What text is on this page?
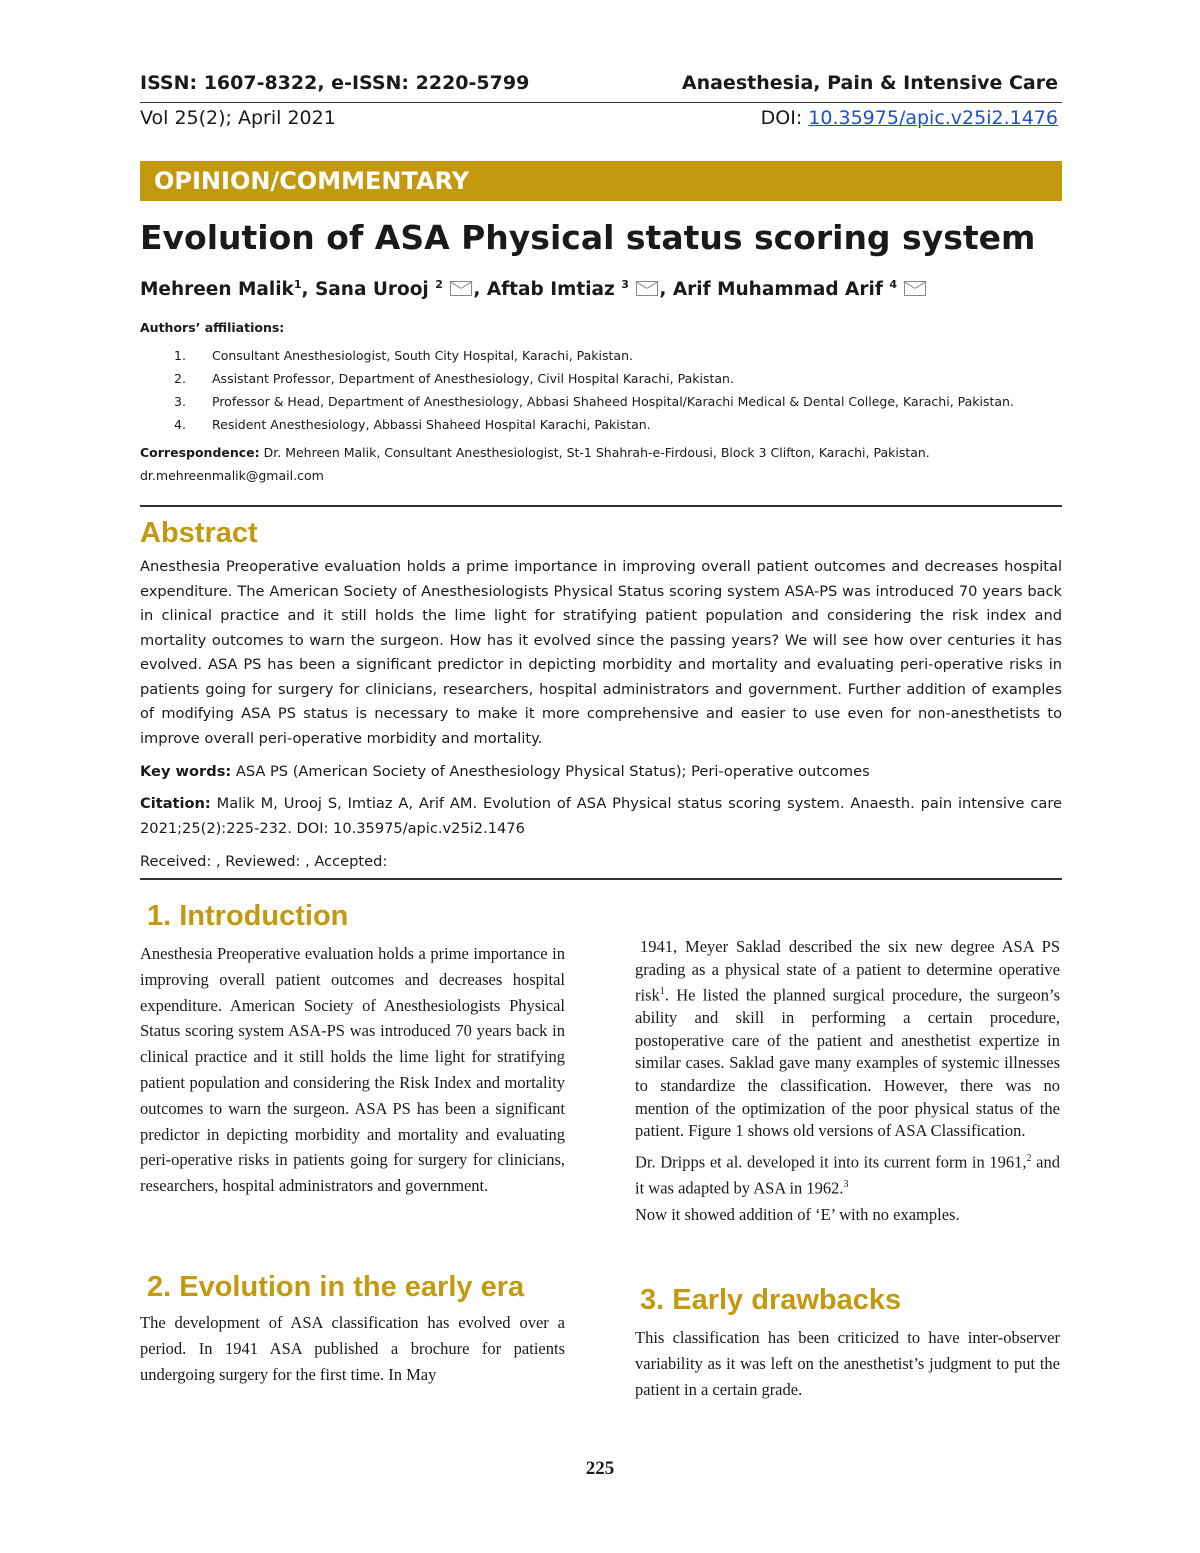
ISSN: 1607-8322, e-ISSN: 2220-5799	Anaesthesia, Pain & Intensive Care
Vol 25(2); April 2021	DOI: 10.35975/apic.v25i2.1476
OPINION/COMMENTARY
Evolution of ASA Physical status scoring system
Mehreen Malik$^1$, Sana Urooj $^2$ , Aftab Imtiaz $^3$ , Arif Muhammad Arif $^4$
Authors’ affiliations:
1. Consultant Anesthesiologist, South City Hospital, Karachi, Pakistan.
2. Assistant Professor, Department of Anesthesiology, Civil Hospital Karachi, Pakistan.
3. Professor & Head, Department of Anesthesiology, Abbasi Shaheed Hospital/Karachi Medical & Dental College, Karachi, Pakistan.
4. Resident Anesthesiology, Abbassi Shaheed Hospital Karachi, Pakistan.
Correspondence: Dr. Mehreen Malik, Consultant Anesthesiologist, St-1 Shahrah-e-Firdousi, Block 3 Clifton, Karachi, Pakistan.
dr.mehreenmalik@gmail.com
Abstract
Anesthesia Preoperative evaluation holds a prime importance in improving overall patient outcomes and decreases hospital expenditure. The American Society of Anesthesiologists Physical Status scoring system ASA-PS was introduced 70 years back in clinical practice and it still holds the lime light for stratifying patient population and considering the risk index and mortality outcomes to warn the surgeon. How has it evolved since the passing years? We will see how over centuries it has evolved. ASA PS has been a significant predictor in depicting morbidity and mortality and evaluating peri-operative risks in patients going for surgery for clinicians, researchers, hospital administrators and government. Further addition of examples of modifying ASA PS status is necessary to make it more comprehensive and easier to use even for non-anesthetists to improve overall peri-operative morbidity and mortality.
Key words: ASA PS (American Society of Anesthesiology Physical Status); Peri-operative outcomes
Citation: Malik M, Urooj S, Imtiaz A, Arif AM. Evolution of ASA Physical status scoring system. Anaesth. pain intensive care 2021;25(2):225-232. DOI: 10.35975/apic.v25i2.1476
Received: , Reviewed: , Accepted:
1. Introduction

Anesthesia Preoperative evaluation holds a prime importance in improving overall patient outcomes and decreases hospital expenditure. American Society of Anesthesiologists Physical Status scoring system ASA-PS was introduced 70 years back in clinical practice and it still holds the lime light for stratifying patient population and considering the Risk Index and mortality outcomes to warn the surgeon. ASA PS has been a significant predictor in depicting morbidity and mortality and evaluating peri-operative risks in patients going for surgery for clinicians, researchers, hospital administrators and government.

2. Evolution in the early era

The development of ASA classification has evolved over a period. In 1941 ASA published a brochure for patients undergoing surgery for the first time. In May

1941, Meyer Saklad described the six new degree ASA PS grading as a physical state of a patient to determine operative risk$^1$. He listed the planned surgical procedure, the surgeon’s ability and skill in performing a certain procedure, postoperative care of the patient and anesthetist expertize in similar cases. Saklad gave many examples of systemic illnesses to standardize the classification. However, there was no mention of the optimization of the poor physical status of the patient. Figure 1 shows old versions of ASA Classification.

Dr. Dripps et al. developed it into its current form in 1961,$^2$ and it was adapted by ASA in 1962.$^3$

Now it showed addition of ‘E’ with no examples.

3. Early drawbacks

This classification has been criticized to have inter-observer variability as it was left on the anesthetist’s judgment to put the patient in a certain grade.

225
